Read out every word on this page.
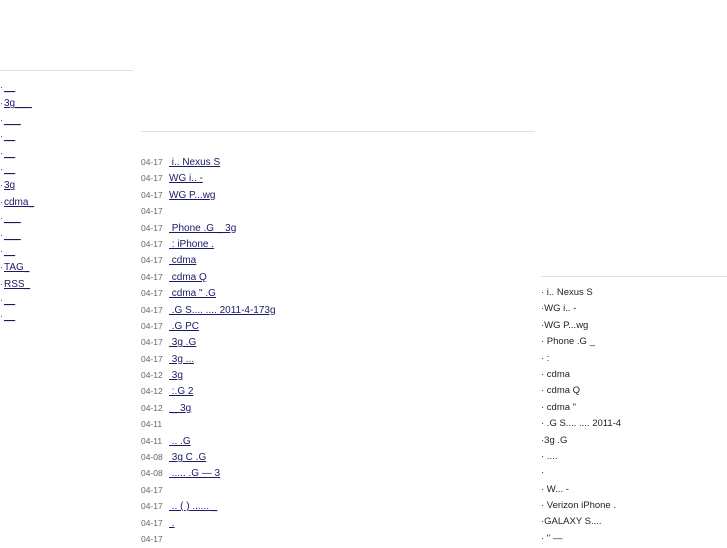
·__
·3g___
·___
·__
·__
·__
·3g
·cdma_
·___
·___
·__
·TAG_
·RSS_
·__
·__
04-17 i.. Nexus S
04-17 WG i.. -
04-17 WG P...wg
04-17
04-17 Phone .G _ 3g
04-17 : iPhone .
04-17 cdma
04-17 cdma Q
04-17 cdma " .G
04-17 .G S.... .... 2011-4-173g
04-17 .G PC
04-17 3g .G
04-17 3g ...
04-12 3g
04-12 :.G 2
04-12 _ 3g
04-11
04-11 .. .G
04-08 3g C .G
04-08 ..... .G — 3
04-17
04-17 .. ( ) ...... _
04-17 .
04-17
· i.. Nexus S
·WG i.. -
·WG P...wg
· Phone .G _
· :
· cdma
· cdma Q
· cdma "
· .G S.... .... 2011-4
·3g .G
· ....
·
· W... -
· Verizon iPhone .
·GALAXY S....
· " —
